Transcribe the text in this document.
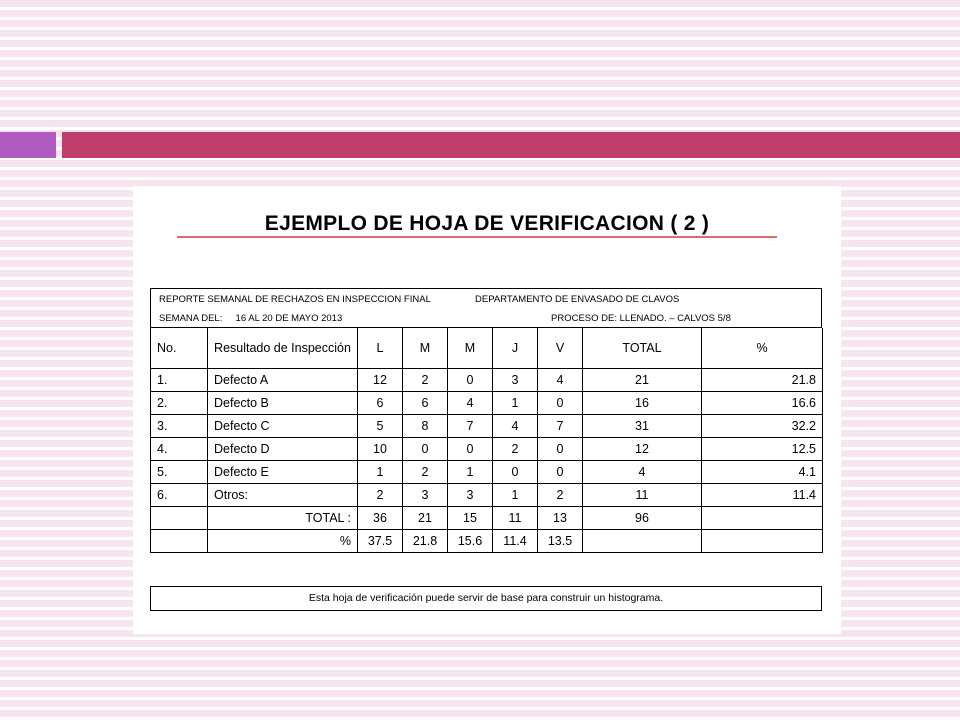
EJEMPLO DE HOJA DE VERIFICACION ( 2 )
REPORTE SEMANAL DE RECHAZOS EN INSPECCION FINAL	DEPARTAMENTO DE ENVASADO DE CLAVOS
SEMANA DEL:     16 AL 20 DE MAYO 2013	PROCESO DE: LLENADO. – CALVOS 5/8
No.	Resultado de Inspección	L	M	M	J	V	TOTAL	%
1.	Defecto A	12	2	0	3	4	21	21.8
2.	Defecto B	6	6	4	1	0	16	16.6
3.	Defecto C	5	8	7	4	7	31	32.2
4.	Defecto D	10	0	0	2	0	12	12.5
5.	Defecto E	1	2	1	0	0	4	4.1
6.	Otros:	2	3	3	1	2	11	11.4
	TOTAL :	36	21	15	11	13	96	
	%	37.5	21.8	15.6	11.4	13.5		
Esta hoja de verificación puede servir de base para construir un histograma.
